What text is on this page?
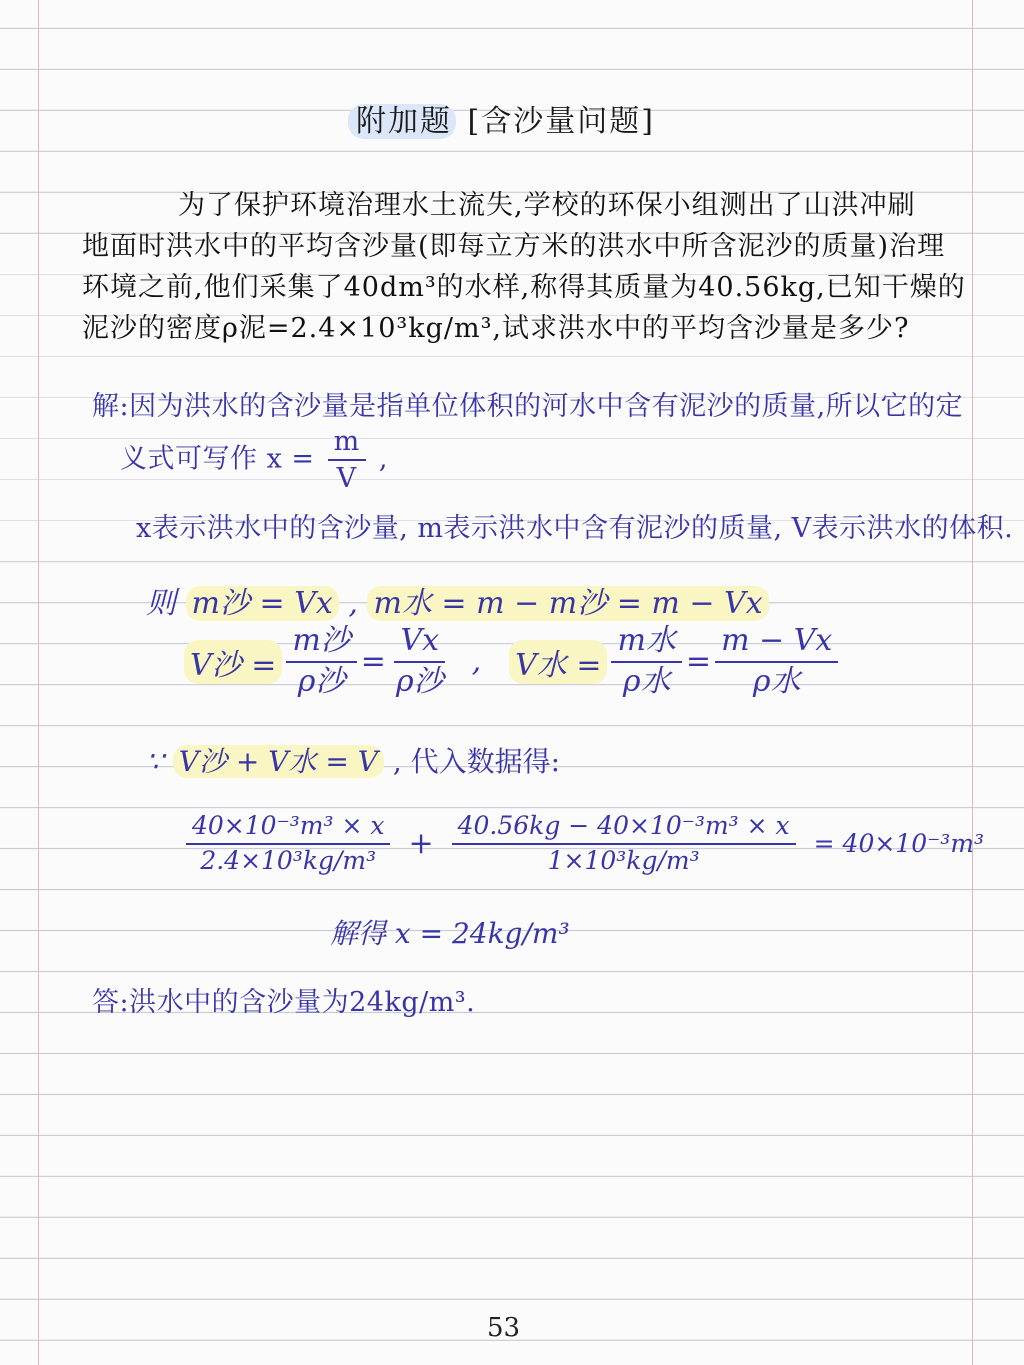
附加题 [含沙量问题]

为了保护环境治理水土流失,学校的环保小组测出了山洪冲刷

地面时洪水中的平均含沙量(即每立方米的洪水中所含泥沙的质量)治理

环境之前,他们采集了40dm³的水样,称得其质量为40.56kg,已知干燥的

泥沙的密度ρ泥=2.4×10³kg/m³,试求洪水中的平均含沙量是多少?

解:因为洪水的含沙量是指单位体积的河水中含有泥沙的质量,所以它的定

义式可写作 $x = \frac{m}{V}$ ,

x表示洪水中的含沙量, m表示洪水中含有泥沙的质量, V表示洪水的体积.

则 m沙 = Vx , m水 = m − m沙 = m − Vx

V沙 = $\frac{\text{m沙}}{\text{ρ沙}} = \frac{Vx}{\text{ρ沙}}$ , V水 = $\frac{\text{m水}}{\text{ρ水}} = \frac{m - Vx}{\text{ρ水}}$

∵ V沙 + V水 = V , 代入数据得:

$\frac{\text{40×10⁻³m³ × x}}{\text{2.4×10³kg/m³}} + \frac{\text{40.56kg − 40×10⁻³m³ × x}}{\text{1×10³kg/m³}} = 40\times 10^{-3}m^3$

解得 x = 24kg/m³

答:洪水中的含沙量为24kg/m³.

53
